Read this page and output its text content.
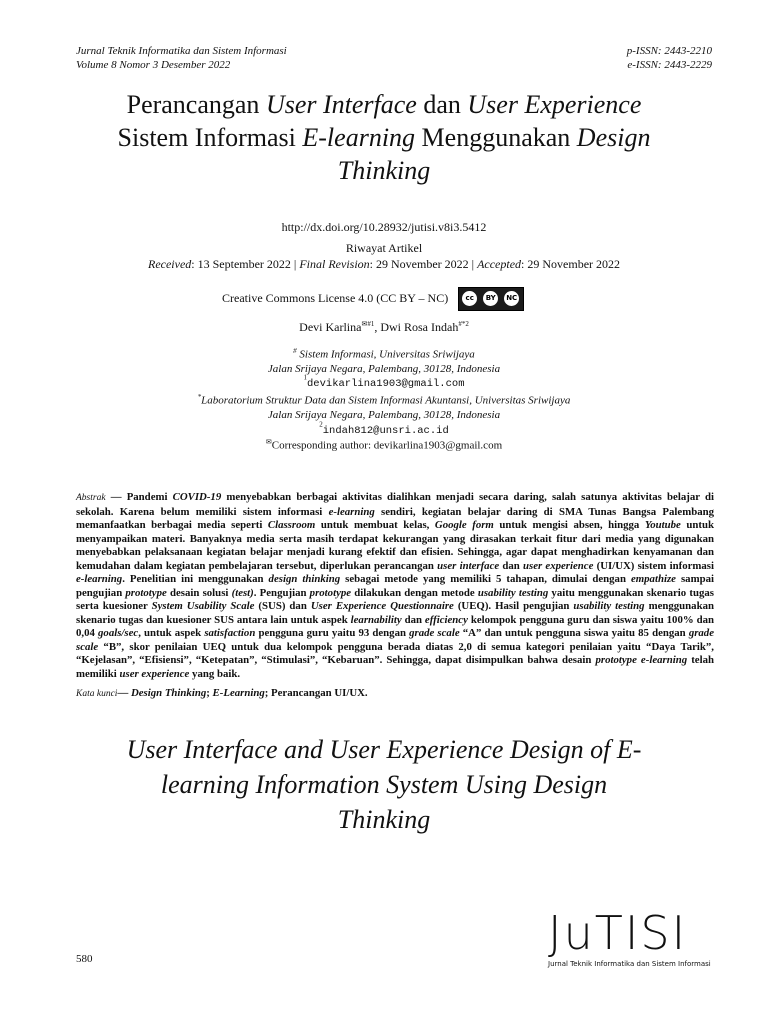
Jurnal Teknik Informatika dan Sistem Informasi
Volume 8 Nomor 3 Desember 2022
p-ISSN: 2443-2210
e-ISSN: 2443-2229
Perancangan User Interface dan User Experience
Sistem Informasi E-learning Menggunakan Design
Thinking
http://dx.doi.org/10.28932/jutisi.v8i3.5412
Riwayat Artikel
Received: 13 September 2022 | Final Revision: 29 November 2022 | Accepted: 29 November 2022
Creative Commons License 4.0 (CC BY – NC)	cc	BY	NC
Devi Karlina$^{✉\#1}$, Dwi Rosa Indah$^{\#*2}$
# Sistem Informasi, Universitas Sriwijaya
Jalan Srijaya Negara, Palembang, 30128, Indonesia
$^1$devikarlina1903@gmail.com
*Laboratorium Struktur Data dan Sistem Informasi Akuntansi, Universitas Sriwijaya
Jalan Srijaya Negara, Palembang, 30128, Indonesia
$^2$indah812@unsri.ac.id
✉Corresponding author: devikarlina1903@gmail.com
Abstrak — Pandemi COVID-19 menyebabkan berbagai aktivitas dialihkan menjadi secara daring, salah satunya aktivitas belajar di sekolah. Karena belum memiliki sistem informasi e-learning sendiri, kegiatan belajar daring di SMA Tunas Bangsa Palembang memanfaatkan berbagai media seperti Classroom untuk membuat kelas, Google form untuk mengisi absen, hingga Youtube untuk menyampaikan materi. Banyaknya media serta masih terdapat kekurangan yang dirasakan terkait fitur dari media yang digunakan menyebabkan pelaksanaan kegiatan belajar menjadi kurang efektif dan efisien. Sehingga, agar dapat menghadirkan kenyamanan dan kemudahan dalam kegiatan pembelajaran tersebut, diperlukan perancangan user interface dan user experience (UI/UX) sistem informasi e-learning. Penelitian ini menggunakan design thinking sebagai metode yang memiliki 5 tahapan, dimulai dengan empathize sampai pengujian prototype desain solusi (test). Pengujian prototype dilakukan dengan metode usability testing yaitu menggunakan skenario tugas serta kuesioner System Usability Scale (SUS) dan User Experience Questionnaire (UEQ). Hasil pengujian usability testing menggunakan skenario tugas dan kuesioner SUS antara lain untuk aspek learnability dan efficiency kelompok pengguna guru dan siswa yaitu 100% dan 0,04 goals/sec, untuk aspek satisfaction pengguna guru yaitu 93 dengan grade scale “A” dan untuk pengguna siswa yaitu 85 dengan grade scale “B”, skor penilaian UEQ untuk dua kelompok pengguna berada diatas 2,0 di semua kategori penilaian yaitu “Daya Tarik”, “Kejelasan”, “Efisiensi”, “Ketepatan”, “Stimulasi”, “Kebaruan”. Sehingga, dapat disimpulkan bahwa desain prototype e-learning telah memiliki user experience yang baik.
Kata kunci— Design Thinking; E-Learning; Perancangan UI/UX.
User Interface and User Experience Design of E-
learning Information System Using Design
Thinking
580	JuTISI
Jurnal Teknik Informatika dan Sistem Informasi
